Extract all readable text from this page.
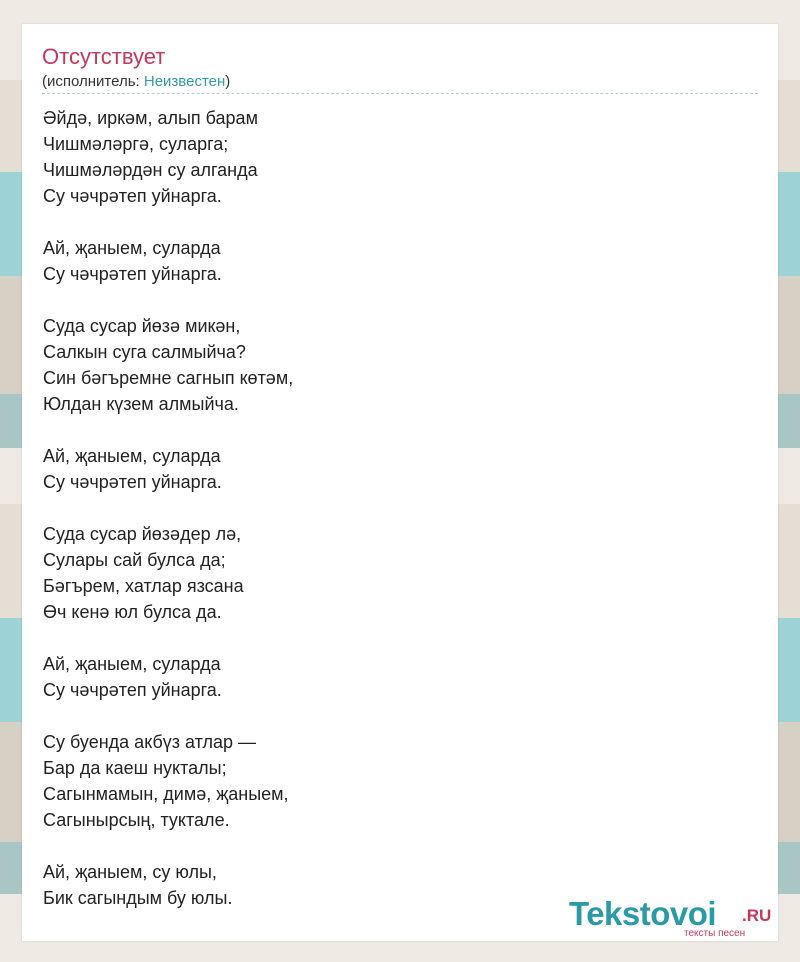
Отсутствует
(исполнитель: Неизвестен)
Әйдә, иркәм, алып барам
Чишмәләргә, суларга;
Чишмәләрдән су алганда
Су чәчрәтеп уйнарга.
Ай, җаныем, суларда
Су чәчрәтеп уйнарга.
Суда сусар йөзә микән,
Салкын суга салмыйча?
Син бәгъремне сагнып көтәм,
Юлдан күзем алмыйча.
Ай, җаныем, суларда
Су чәчрәтеп уйнарга.
Суда сусар йөзәдер лә,
Сулары сай булса да;
Бәгърем, хатлар язсана
Өч кенә юл булса да.
Ай, җаныем, суларда
Су чәчрәтеп уйнарга.
Су буенда акбүз атлар —
Бар да каеш нукталы;
Сагынмамын, димә, җаныем,
Сагынырсың, туктале.
Ай, җаныем, су юлы,
Бик сагындым бу юлы.	Tekstovoi .RU
тексты песен
